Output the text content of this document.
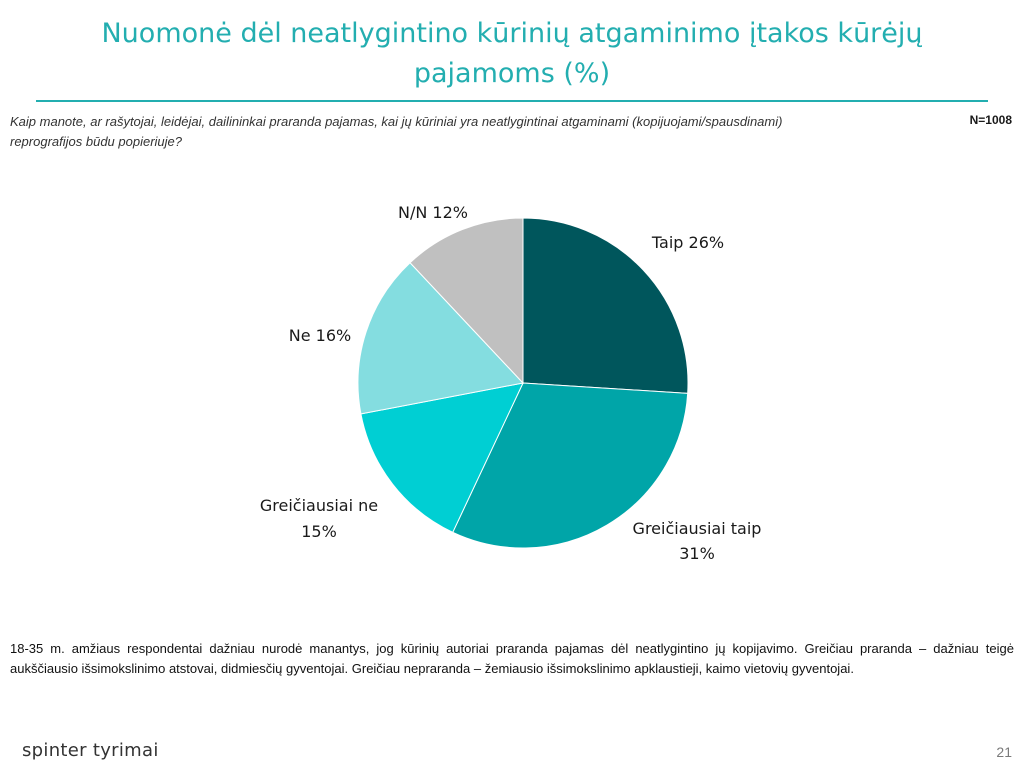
Nuomonė dėl neatlygintino kūrinių atgaminimo įtakos kūrėjų pajamoms (%)
Kaip manote, ar rašytojai, leidėjai, dailininkai praranda pajamas, kai jų kūriniai yra neatlygintinai atgaminami (kopijuojami/spausdinami) reprografijos būdu popieriuje?
N=1008
Taip 26%
Greičiausiai taip 31%
Greičiausiai ne 15%
Ne 16%
N/N 12%
18-35 m. amžiaus respondentai dažniau nurodė manantys, jog kūrinių autoriai praranda pajamas dėl neatlygintino jų kopijavimo. Greičiau praranda – dažniau teigė aukščiausio išsimokslinimo atstovai, didmiesčių gyventojai. Greičiau nepraranda – žemiausio išsimokslinimo apklaustieji, kaimo vietovių gyventojai.
spinter tyrimai	21
